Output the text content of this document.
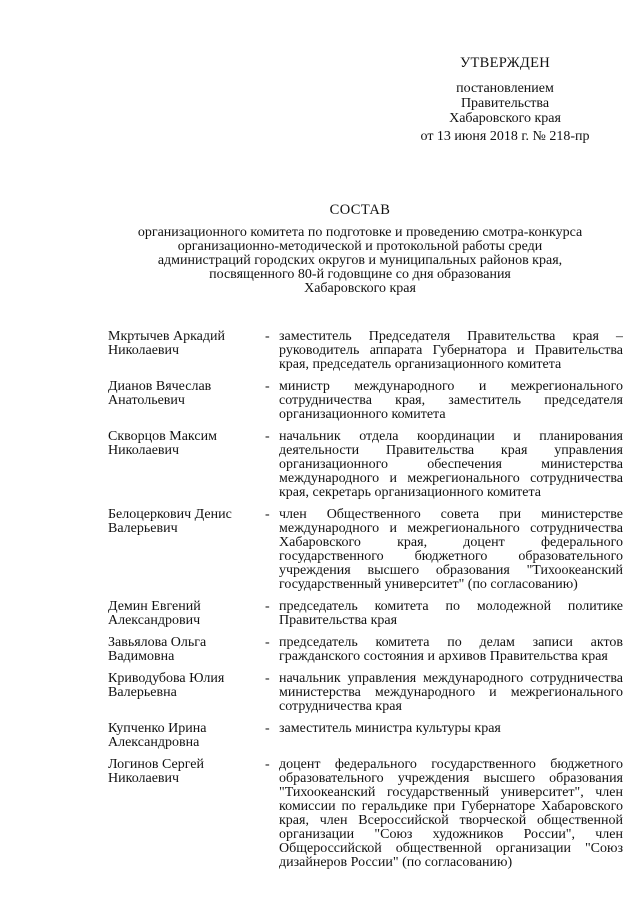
УТВЕРЖДЕН
постановлением
Правительства
Хабаровского края
от 13 июня 2018 г. № 218-пр
СОСТАВ
организационного комитета по подготовке и проведению смотра-конкурса
организационно-методической и протокольной работы среди
администраций городских округов и муниципальных районов края,
посвященного 80-й годовщине со дня образования
Хабаровского края
Мкртычев Аркадий
Николаевич
- заместитель Председателя Правительства края – руководитель аппарата Губернатора и Правительства края, председатель организационного комитета
Дианов Вячеслав
Анатольевич
- министр международного и межрегионального сотрудничества края, заместитель председателя организационного комитета
Скворцов Максим
Николаевич
- начальник отдела координации и планирования деятельности Правительства края управления организационного обеспечения министерства международного и межрегионального сотрудничества края, секретарь организационного комитета
Белоцеркович Денис
Валерьевич
- член Общественного совета при министерстве международного и межрегионального сотрудничества Хабаровского края, доцент федерального государственного бюджетного образовательного учреждения высшего образования "Тихоокеанский государственный университет" (по согласованию)
Демин Евгений
Александрович
- председатель комитета по молодежной политике Правительства края
Завьялова Ольга
Вадимовна
- председатель комитета по делам записи актов гражданского состояния и архивов Правительства края
Криводубова Юлия
Валерьевна
- начальник управления международного сотрудничества министерства международного и межрегионального сотрудничества края
Купченко Ирина
Александровна
- заместитель министра культуры края
Логинов Сергей
Николаевич
- доцент федерального государственного бюджетного образовательного учреждения высшего образования "Тихоокеанский государственный университет", член комиссии по геральдике при Губернаторе Хабаровского края, член Всероссийской творческой общественной организации "Союз художников России", член Общероссийской общественной организации "Союз дизайнеров России" (по согласованию)
